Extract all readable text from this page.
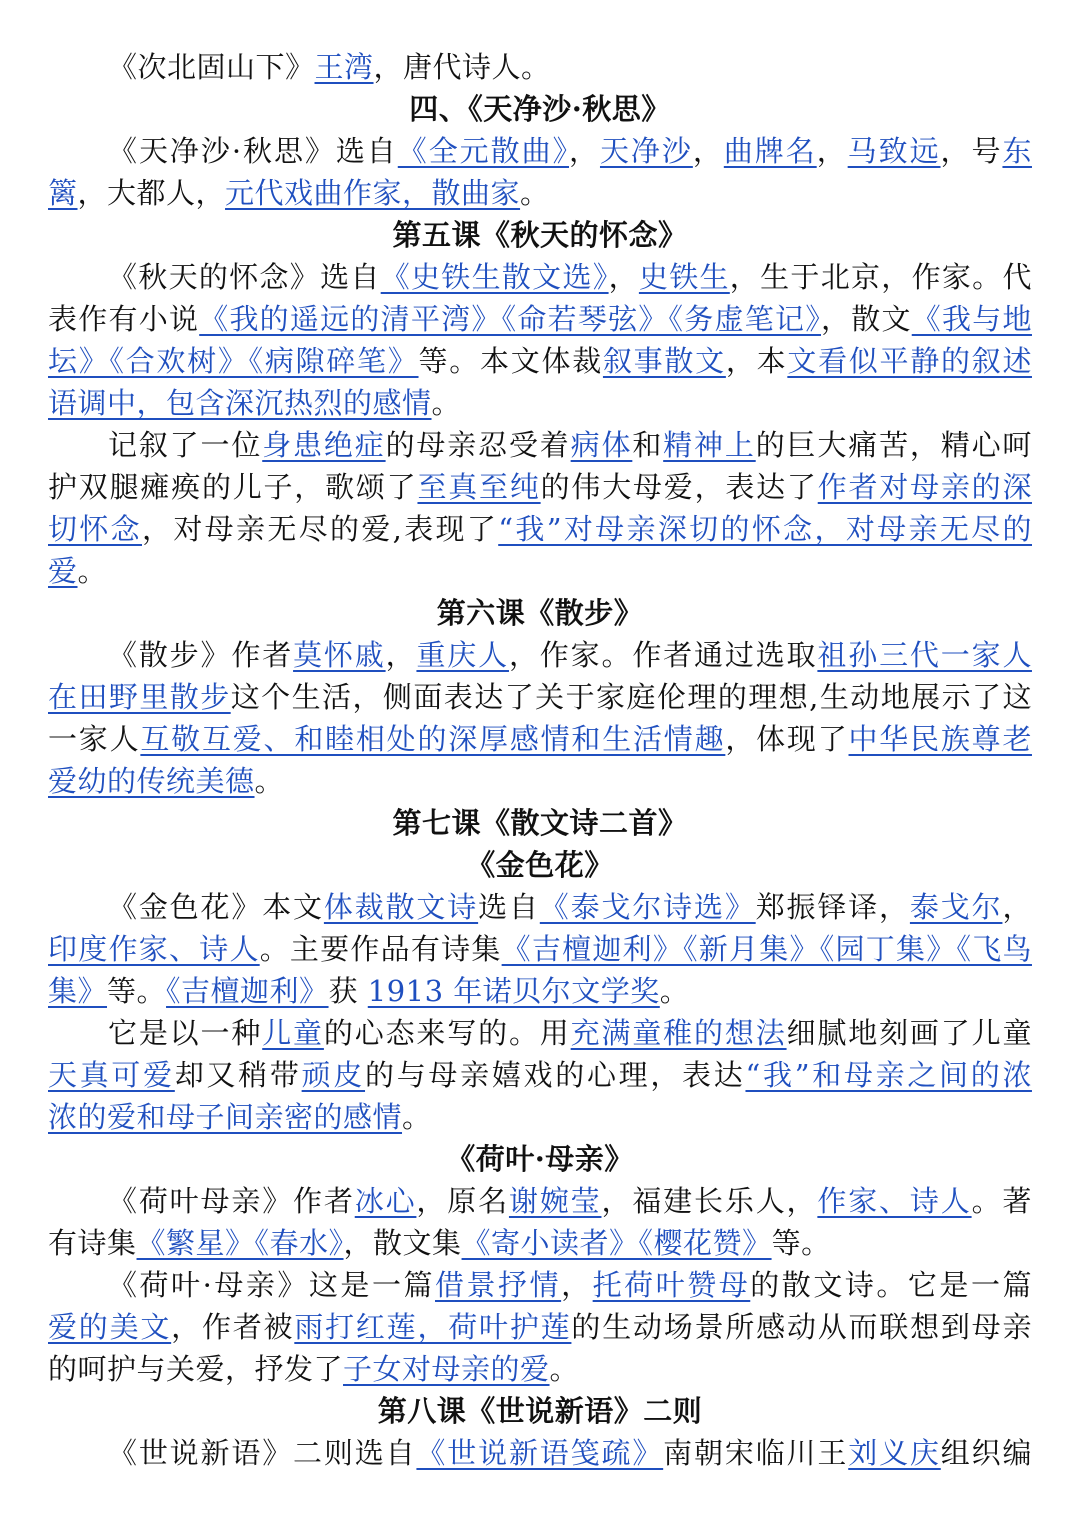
《次北固山下》王湾，唐代诗人。
四、《天净沙·秋思》
《天净沙·秋思》选自《全元散曲》，天净沙，曲牌名，马致远，号东
篱，大都人，元代戏曲作家，散曲家。
第五课《秋天的怀念》
《秋天的怀念》选自《史铁生散文选》，史铁生，生于北京，作家。代
表作有小说《我的遥远的清平湾》《命若琴弦》《务虚笔记》，散文《我与地
坛》《合欢树》《病隙碎笔》等。本文体裁叙事散文，本文看似平静的叙述
语调中，包含深沉热烈的感情。
记叙了一位身患绝症的母亲忍受着病体和精神上的巨大痛苦，精心呵
护双腿瘫痪的儿子，歌颂了至真至纯的伟大母爱，表达了作者对母亲的深
切怀念，对母亲无尽的爱,表现了“我”对母亲深切的怀念，对母亲无尽的
爱。
第六课《散步》
《散步》作者莫怀戚，重庆人，作家。作者通过选取祖孙三代一家人
在田野里散步这个生活，侧面表达了关于家庭伦理的理想,生动地展示了这
一家人互敬互爱、和睦相处的深厚感情和生活情趣，体现了中华民族尊老
爱幼的传统美德。
第七课《散文诗二首》
《金色花》
《金色花》本文体裁散文诗选自《泰戈尔诗选》郑振铎译，泰戈尔，
印度作家、诗人。主要作品有诗集《吉檀迦利》《新月集》《园丁集》《飞鸟
集》等。《吉檀迦利》获 1913 年诺贝尔文学奖。
它是以一种儿童的心态来写的。用充满童稚的想法细腻地刻画了儿童
天真可爱却又稍带顽皮的与母亲嬉戏的心理，表达“我”和母亲之间的浓
浓的爱和母子间亲密的感情。
《荷叶·母亲》
《荷叶母亲》作者冰心，原名谢婉莹，福建长乐人，作家、诗人。著
有诗集《繁星》《春水》，散文集《寄小读者》《樱花赞》等。
《荷叶·母亲》这是一篇借景抒情，托荷叶赞母的散文诗。它是一篇
爱的美文，作者被雨打红莲，荷叶护莲的生动场景所感动从而联想到母亲
的呵护与关爱，抒发了子女对母亲的爱。
第八课《世说新语》二则
《世说新语》二则选自《世说新语笺疏》南朝宋临川王刘义庆组织编
